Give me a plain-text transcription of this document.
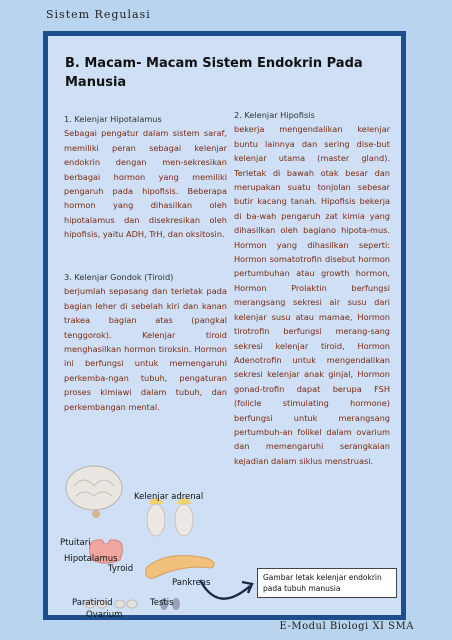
Sistem Regulasi
B. Macam- Macam Sistem Endokrin Pada Manusia
1. Kelenjar Hipotalamus

Sebagai pengatur dalam sistem saraf, memiliki peran sebagai kelenjar endokrin dengan men-sekresikan berbagai hormon yang memiliki pengaruh pada hipofisis. Beberapa hormon yang dihasilkan oleh hipotalamus dan disekresikan oleh hipofisis, yaitu ADH, TrH, dan oksitosin.

3. Kelenjar Gondok (Tiroid)

berjumlah sepasang dan terletak pada bagian leher di sebelah kiri dan kanan trakea bagian atas (pangkal tenggorok). Kelenjar tiroid menghasilkan hormon tiroksin. Hormon ini berfungsi untuk memengaruhi perkemba-ngan tubuh, pengaturan proses kimiawi dalam tubuh, dan perkembangan mental.

2. Kelenjar Hipofisis

bekerja mengendalikan kelenjar buntu lainnya dan sering dise-but kelenjar utama (master gland). Terletak di bawah otak besar dan merupakan suatu tonjolan sebesar butir kacang tanah. Hipofisis bekerja di ba-wah pengaruh zat kimia yang dihasilkan oleh bagiano hipota-mus. Hormon yang dihasilkan seperti: Hormon somatotrofin disebut hormon pertumbuhan atau growth hormon, Hormon Prolaktin berfungsi merangsang sekresi air susu dari kelenjar susu atau mamae, Hormon tirotrofin berfungsi merang-sang sekresi kelenjar tiroid, Hormon Adenotrofin untuk mengendalikan sekresi kelenjar anak ginjal, Hormon gonad-trofin dapat berupa FSH (folicle stimulating hormone) berfungsi untuk merangsang pertumbuh-an folikel dalam ovarium dan memengaruhi serangkaian kejadian dalam siklus menstruasi.

Kelenjar adrenal
Ptuitari
Hipotalamus
Tyroid
Pankreas
Paratiroid	Testis
Ovarium
Gambar letak kelenjar endokrin pada tubuh manusia
E-Modul Biologi XI SMA
